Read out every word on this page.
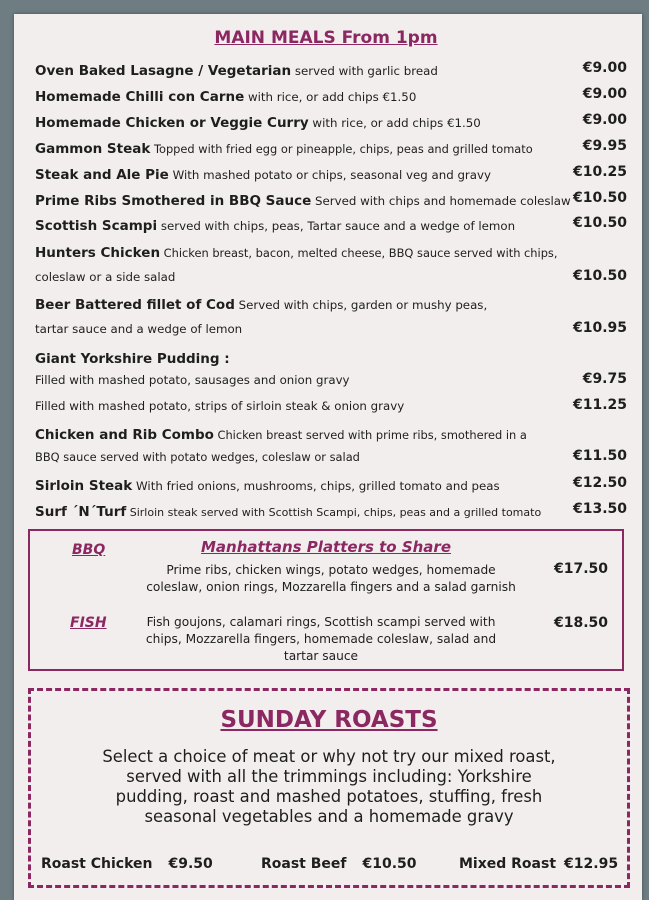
MAIN MEALS From 1pm
Oven Baked Lasagne / Vegetarian served with garlic bread	€9.00
Homemade Chilli con Carne with rice, or add chips €1.50	€9.00
Homemade Chicken or Veggie Curry with rice, or add chips €1.50	€9.00
Gammon Steak Topped with fried egg or pineapple, chips, peas and grilled tomato	€9.95
Steak and Ale Pie With mashed potato or chips, seasonal veg and gravy	€10.25
Prime Ribs Smothered in BBQ Sauce Served with chips and homemade coleslaw €10.50
Scottish Scampi served with chips, peas, Tartar sauce and a wedge of lemon	€10.50
Hunters Chicken Chicken breast, bacon, melted cheese, BBQ sauce served with chips,
coleslaw or a side salad	€10.50
Beer Battered fillet of Cod Served with chips, garden or mushy peas,
tartar sauce and a wedge of lemon	€10.95
Giant Yorkshire Pudding :
Filled with mashed potato, sausages and onion gravy	€9.75
Filled with mashed potato, strips of sirloin steak & onion gravy	€11.25
Chicken and Rib Combo Chicken breast served with prime ribs, smothered in a
BBQ sauce served with potato wedges, coleslaw or salad	€11.50
Sirloin Steak With fried onions, mushrooms, chips, grilled tomato and peas	€12.50
Surf ´N´Turf Sirloin steak served with Scottish Scampi, chips, peas and a grilled tomato €13.50
Manhattans Platters to Share
BBQ
Prime ribs, chicken wings, potato wedges, homemade
coleslaw, onion rings, Mozzarella fingers and a salad garnish
€17.50
FISH	Fish goujons, calamari rings, Scottish scampi served with
chips, Mozzarella fingers, homemade coleslaw, salad and
tartar sauce
€18.50
SUNDAY ROASTS
Select a choice of meat or why not try our mixed roast,
served with all the trimmings including: Yorkshire
pudding, roast and mashed potatoes, stuffing, fresh
seasonal vegetables and a homemade gravy
Roast Chicken €9.50	Roast Beef €10.50	Mixed Roast €12.95
